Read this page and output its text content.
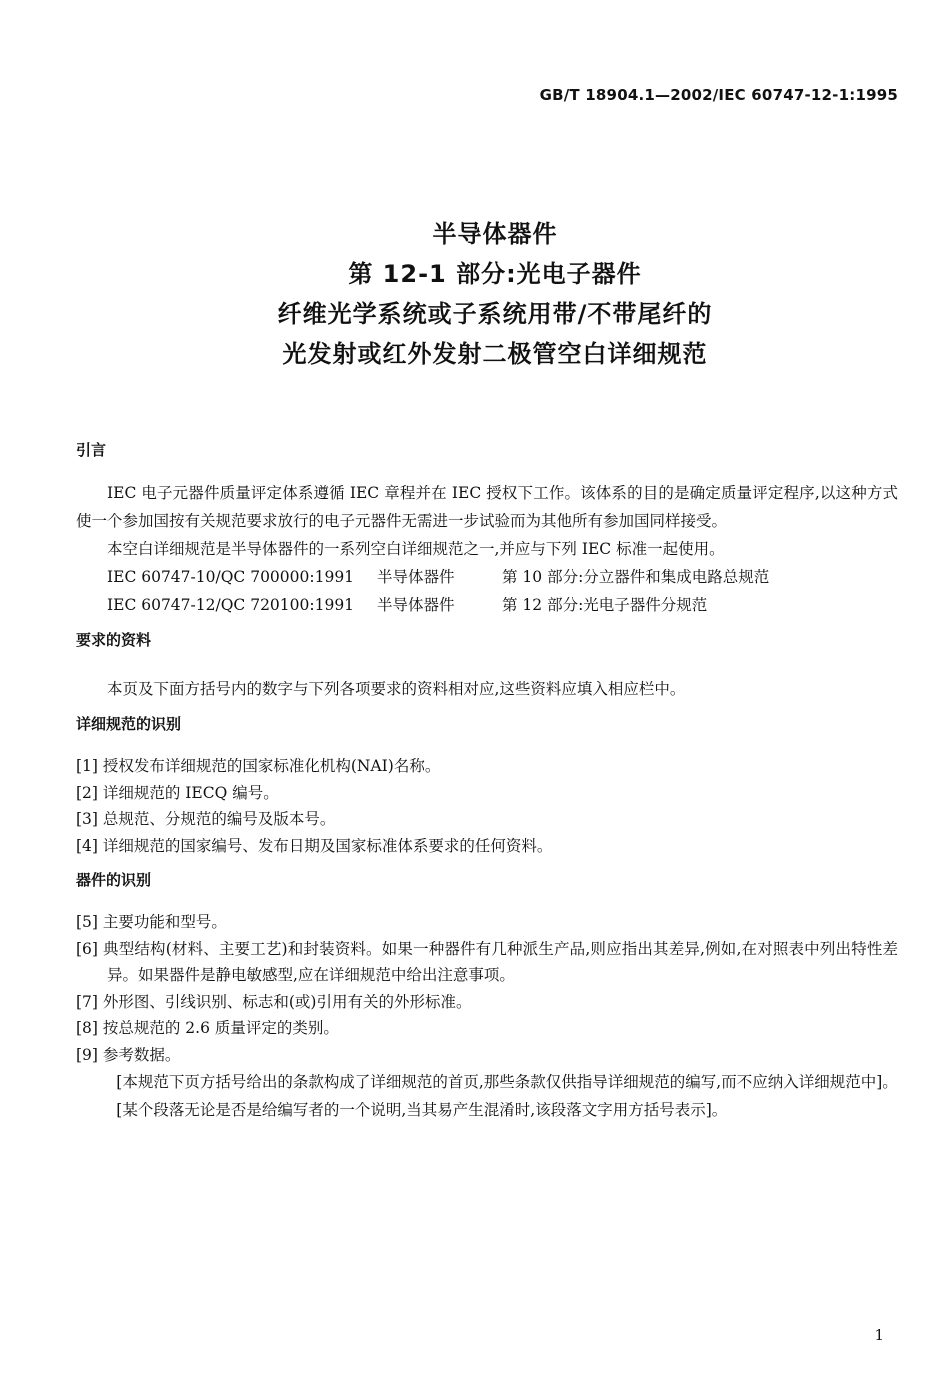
GB/T 18904.1—2002/IEC 60747-12-1:1995
半导体器件
第 12-1 部分:光电子器件
纤维光学系统或子系统用带/不带尾纤的
光发射或红外发射二极管空白详细规范

引言

IEC 电子元器件质量评定体系遵循 IEC 章程并在 IEC 授权下工作。该体系的目的是确定质量评定程序,以这种方式使一个参加国按有关规范要求放行的电子元器件无需进一步试验而为其他所有参加国同样接受。

本空白详细规范是半导体器件的一系列空白详细规范之一,并应与下列 IEC 标准一起使用。

IEC 60747-10/QC 700000:1991 半导体器件	第 10 部分:分立器件和集成电路总规范

IEC 60747-12/QC 720100:1991 半导体器件	第 12 部分:光电子器件分规范

要求的资料

本页及下面方括号内的数字与下列各项要求的资料相对应,这些资料应填入相应栏中。

详细规范的识别

[1] 授权发布详细规范的国家标准化机构(NAI)名称。

[2] 详细规范的 IECQ 编号。

[3] 总规范、分规范的编号及版本号。

[4] 详细规范的国家编号、发布日期及国家标准体系要求的任何资料。

器件的识别

[5] 主要功能和型号。

[6] 典型结构(材料、主要工艺)和封装资料。如果一种器件有几种派生产品,则应指出其差异,例如,在对照表中列出特性差异。如果器件是静电敏感型,应在详细规范中给出注意事项。

[7] 外形图、引线识别、标志和(或)引用有关的外形标准。

[8] 按总规范的 2.6 质量评定的类别。

[9] 参考数据。

[本规范下页方括号给出的条款构成了详细规范的首页,那些条款仅供指导详细规范的编写,而不应纳入详细规范中]。

[某个段落无论是否是给编写者的一个说明,当其易产生混淆时,该段落文字用方括号表示]。

1
